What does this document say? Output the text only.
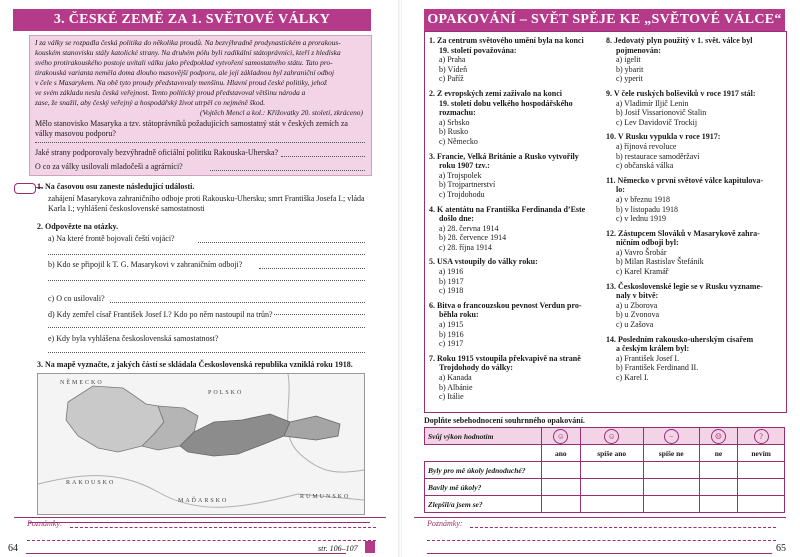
3. ČESKÉ ZEMĚ ZA 1. SVĚTOVÉ VÁLKY
I za války se rozpadla česká politika do několika proudů. Na bezvýhradně prodynastickém a prorakous-
kouském stanovisku stály katolické strany. Na druhém pólu byli radikální státoprávníci, kteří z hlediska
svého protirakouského postoje uvítali válku jako předpoklad vytvoření samostatného státu. Tato pro-
tirakouská varianta neměla doma dlouho masovější podporu, ale její základnou byl zahraniční odboj
v čele s Masarykem. Na obě tyto proudy představovaly menšinu. Hlavní proud české politiky, jehož
ve svém základu nesla česká veřejnost. Tento politický proud představoval většinu národa a
zase, že snažil, aby český veřejný a hospodářský život utrpěl co nejméně škod.
(Vojtěch Mencl a kol.: Křižovatky 20. století, zkráceno)
Mělo stanovisko Masaryka a tzv. státoprávníků požadujících samostatný stát v českých zemích za
války masovou podporu?
Jaké strany podporovaly bezvýhradně oficiální politiku Rakouska-Uherska?
O co za války usilovali mladočeši a agrárníci?
1. Na časovou osu zaneste následující události.
zahájení Masarykova zahraničního odboje proti Rakousku-Uhersku; smrt Františka Josefa I.; vláda
Karla I.; vyhlášení československé samostatnosti
2. Odpovězte na otázky.
a) Na které frontě bojovali čeští vojáci?
b) Kdo se připojil k T. G. Masarykovi v zahraničním odboji?
c) O co usilovali?
d) Kdy zemřel císař František Josef I.? Kdo po něm nastoupil na trůn?
e) Kdy byla vyhlášena československá samostatnost?
3. Na mapě vyznačte, z jakých částí se skládala Československá republika vzniklá roku 1918.
NĚMECKO
POLSKO
RAKOUSKO
MAĎARSKO
RUMUNSKO
Poznámky:
64	str. 106–107
OPAKOVÁNÍ – SVĚT SPĚJE KE „SVĚTOVÉ VÁLCE“
1. Za centrum světového umění byla na konci
19. století považována:
a) Praha
b) Vídeň
c) Paříž
2. Z evropských zemí zaživalo na konci
19. století dobu velkého hospodářského
rozmachu:
a) Srbsko
b) Rusko
c) Německo
3. Francie, Velká Británie a Rusko vytvořily
roku 1907 tzv.:
a) Trojspolek
b) Trojpartnerství
c) Trojdohodu
4. K atentátu na Františka Ferdinanda d’Este
došlo dne:
a) 28. června 1914
b) 28. července 1914
c) 28. října 1914
5. USA vstoupily do války roku:
a) 1916
b) 1917
c) 1918
6. Bitva o francouzskou pevnost Verdun pro-
běhla roku:
a) 1915
b) 1916
c) 1917
7. Roku 1915 vstoupila překvapivě na straně
Trojdohody do války:
a) Kanada
b) Albánie
c) Itálie
8. Jedovatý plyn použitý v 1. svět. válce byl
pojmenován:
a) igelit
b) ybarit
c) yperit
9. V čele ruských bolševiků v roce 1917 stál:
a) Vladimír Iljič Lenin
b) Josif Vissarionovič Stalin
c) Lev Davidovič Trockij
10. V Rusku vypukla v roce 1917:
a) říjnová revoluce
b) restaurace samoděržaví
c) občanská válka
11. Německo v první světové válce kapitulova-
lo:
a) v březnu 1918
b) v listopadu 1918
c) v lednu 1919
12. Zástupcem Slováků v Masarykově zahra-
ničním odboji byl:
a) Vavro Šrobár
b) Milan Rastislav Štefánik
c) Karel Kramář
13. Československé legie se v Rusku vyzname-
naly v bitvě:
a) u Zborova
b) u Zvonova
c) u Zašova
14. Posledním rakousko-uherským císařem
a českým králem byl:
a) František Josef I.
b) František Ferdinand II.
c) Karel I.
Doplňte sebehodnocení souhrnného opakování.
Svůj výkon hodnotím	☺	☺	−	☹	?
	ano	spíše ano	spíše ne	ne	nevím
Byly pro mě úkoly jednoduché?					
Bavily mě úkoly?					
Zlepšil/a jsem se?					
Poznámky:
65
